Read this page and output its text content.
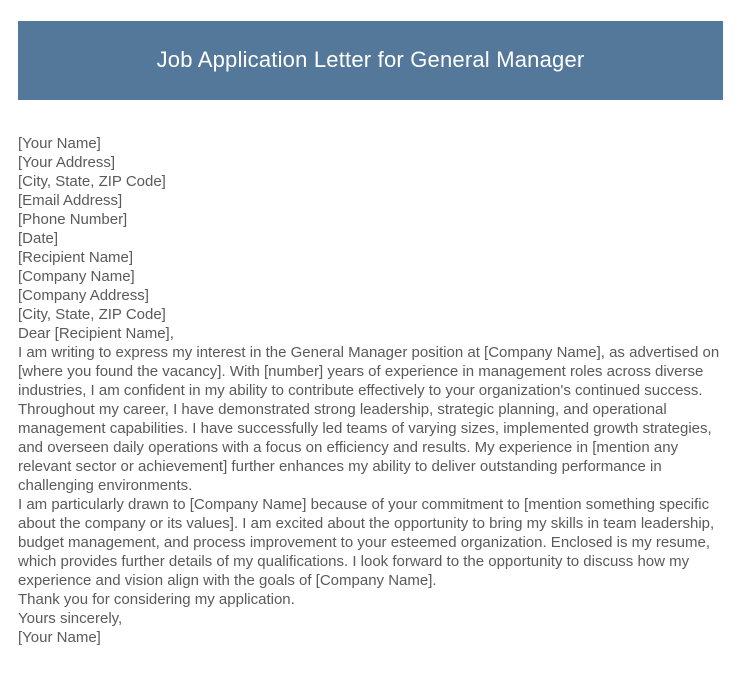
Job Application Letter for General Manager
[Your Name]
[Your Address]
[City, State, ZIP Code]
[Email Address]
[Phone Number]
[Date]
[Recipient Name]
[Company Name]
[Company Address]
[City, State, ZIP Code]
Dear [Recipient Name],

I am writing to express my interest in the General Manager position at [Company Name], as advertised on [where you found the vacancy]. With [number] years of experience in management roles across diverse industries, I am confident in my ability to contribute effectively to your organization's continued success.

Throughout my career, I have demonstrated strong leadership, strategic planning, and operational management capabilities. I have successfully led teams of varying sizes, implemented growth strategies, and overseen daily operations with a focus on efficiency and results. My experience in [mention any relevant sector or achievement] further enhances my ability to deliver outstanding performance in challenging environments.

I am particularly drawn to [Company Name] because of your commitment to [mention something specific about the company or its values]. I am excited about the opportunity to bring my skills in team leadership, budget management, and process improvement to your esteemed organization. Enclosed is my resume, which provides further details of my qualifications. I look forward to the opportunity to discuss how my experience and vision align with the goals of [Company Name].

Thank you for considering my application.
Yours sincerely,
[Your Name]
